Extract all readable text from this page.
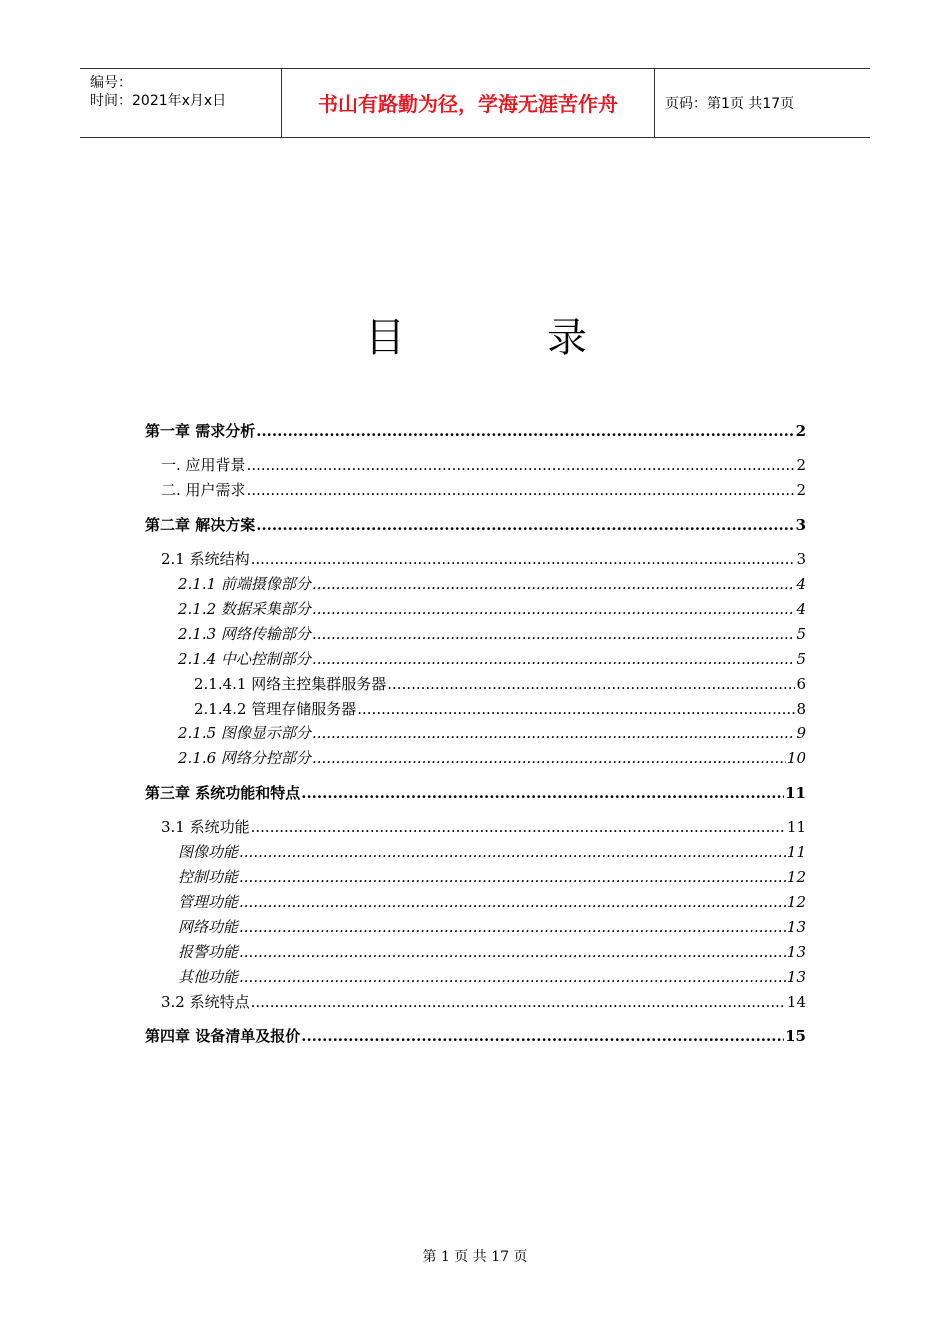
编号：
时间：2021年x月x日	书山有路勤为径，学海无涯苦作舟	页码：第1页 共17页
目	录
第一章 需求分析 .....	2
一. 应用背景 .....	2
二. 用户需求 .....	2
第二章 解决方案 .....	3
2.1 系统结构 .....	3
2.1.1 前端摄像部分 .....	4
2.1.2 数据采集部分 .....	4
2.1.3 网络传输部分 .....	5
2.1.4 中心控制部分 .....	5
2.1.4.1 网络主控集群服务器 .....	6
2.1.4.2 管理存储服务器 .....	8
2.1.5 图像显示部分 .....	9
2.1.6 网络分控部分 .....	10
第三章 系统功能和特点 .....	11
3.1 系统功能 .....	11
图像功能 .....	11
控制功能 .....	12
管理功能 .....	12
网络功能 .....	13
报警功能 .....	13
其他功能 .....	13
3.2 系统特点 .....	14
第四章 设备清单及报价 .....	15
第 1 页 共 17 页
